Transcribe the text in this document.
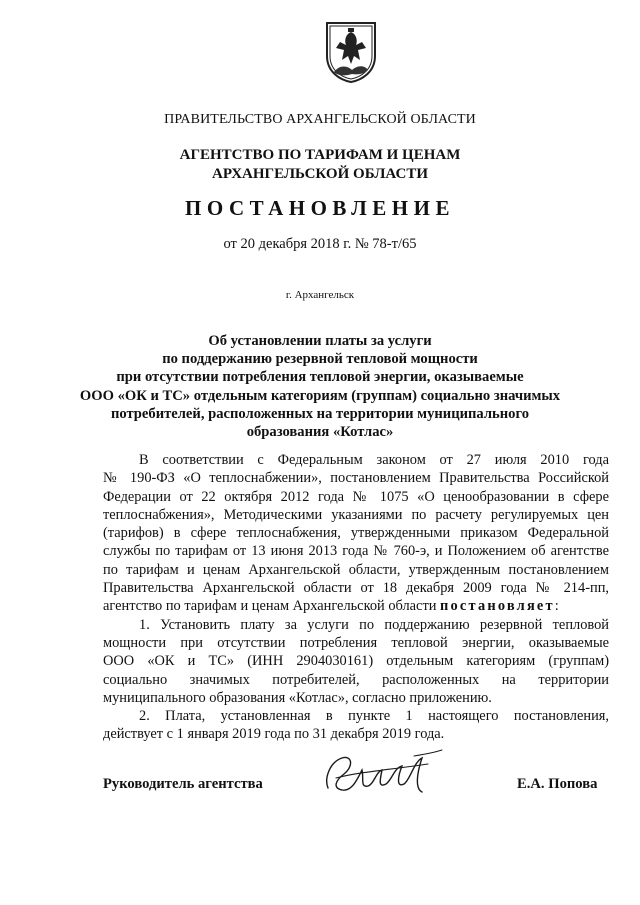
ПРАВИТЕЛЬСТВО АРХАНГЕЛЬСКОЙ ОБЛАСТИ
АГЕНТСТВО ПО ТАРИФАМ И ЦЕНАМ
АРХАНГЕЛЬСКОЙ ОБЛАСТИ
ПОСТАНОВЛЕНИЕ
от 20 декабря 2018 г. № 78-т/65
г. Архангельск
Об установлении платы за услуги
по поддержанию резервной тепловой мощности
при отсутствии потребления тепловой энергии, оказываемые
ООО «ОК и ТС» отдельным категориям (группам) социально значимых
потребителей, расположенных на территории муниципального
образования «Котлас»

В соответствии с Федеральным законом от 27 июля 2010 года
№ 190-ФЗ «О теплоснабжении», постановлением Правительства Российской
Федерации от 22 октября 2012 года № 1075 «О ценообразовании в сфере
теплоснабжения», Методическими указаниями по расчету регулируемых цен
(тарифов) в сфере теплоснабжения, утвержденными приказом Федеральной
службы по тарифам от 13 июня 2013 года № 760-э, и Положением об агентстве
по тарифам и ценам Архангельской области, утвержденным постановлением
Правительства Архангельской области от 18 декабря 2009 года № 214-пп,
агентство по тарифам и ценам Архангельской области постановляет:

1. Установить плату за услуги по поддержанию резервной тепловой
мощности при отсутствии потребления тепловой энергии, оказываемые
ООО «ОК и ТС» (ИНН 2904030161) отдельным категориям (группам)
социально значимых потребителей, расположенных на территории
муниципального образования «Котлас», согласно приложению.

2. Плата, установленная в пункте 1 настоящего постановления,
действует с 1 января 2019 года по 31 декабря 2019 года.

Руководитель агентства	Е.А. Попова
